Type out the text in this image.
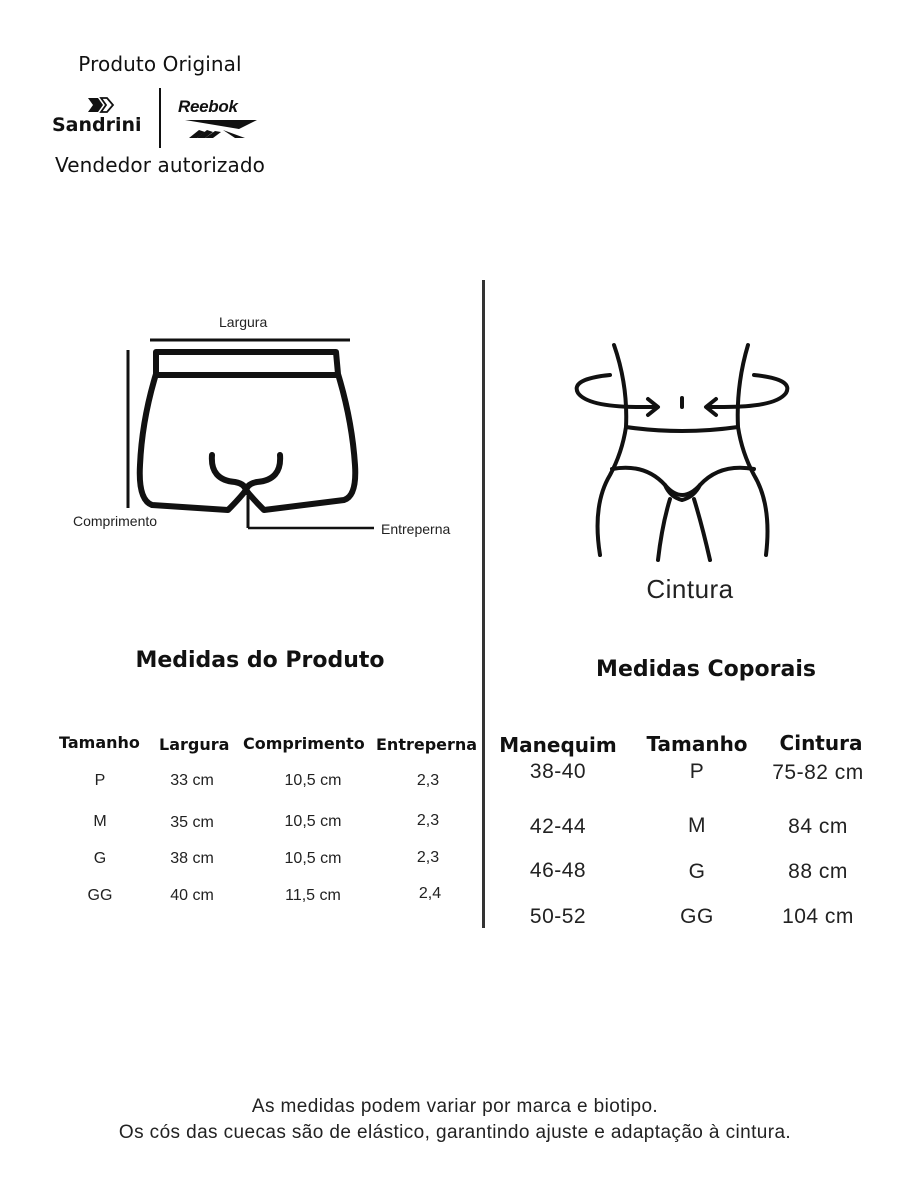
Produto Original
Sandrini
Reebok
Vendedor autorizado
Largura
Comprimento	Entreperna
Cintura
Medidas do Produto
Tamanho Largura Comprimento Entreperna
P	33 cm	10,5 cm	2,3
M	35 cm	10,5 cm	2,3
G	38 cm	10,5 cm	2,3
GG	40 cm	11,5 cm	2,4
Medidas Coporais
Manequim	Tamanho	Cintura
38-40	P	75-82 cm
42-44	M	84 cm
46-48	G	88 cm
50-52	GG	104 cm
As medidas podem variar por marca e biotipo.
Os cós das cuecas são de elástico, garantindo ajuste e adaptação à cintura.
